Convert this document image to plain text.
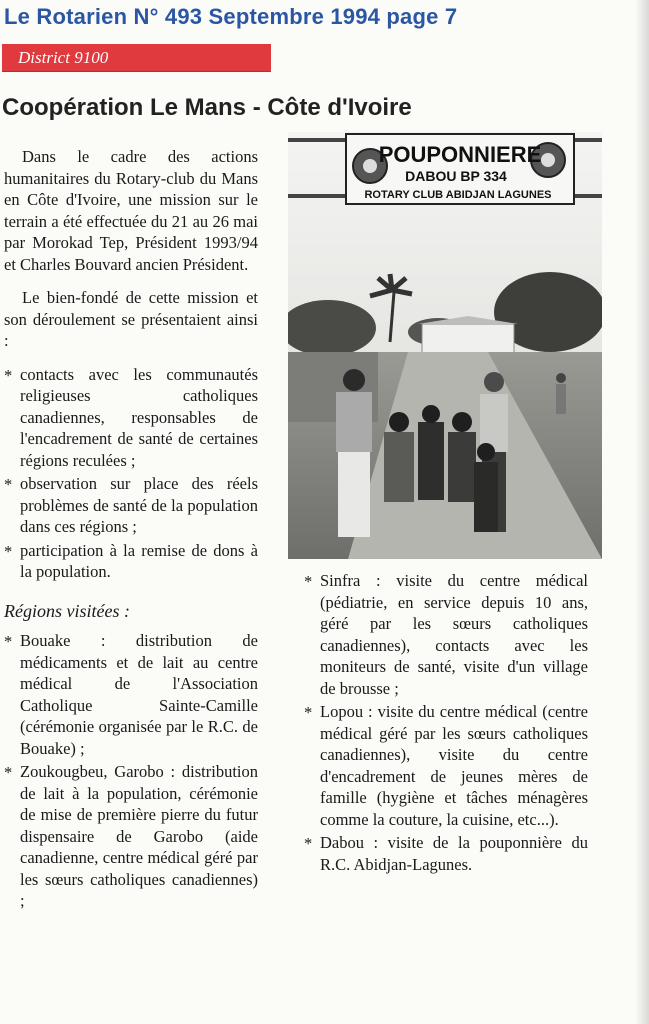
Le Rotarien N° 493 Septembre 1994 page 7
District 9100
Coopération Le Mans - Côte d'Ivoire

Dans le cadre des actions humanitaires du Rotary-club du Mans en Côte d'Ivoire, une mission sur le terrain a été effectuée du 21 au 26 mai par Morokad Tep, Président 1993/94 et Charles Bouvard ancien Président.

Le bien-fondé de cette mission et son déroulement se présentaient ainsi :

* contacts avec les communautés religieuses catholiques canadiennes, responsables de l'encadrement de santé de certaines régions reculées ;
* observation sur place des réels problèmes de santé de la population dans ces régions ;
* participation à la remise de dons à la population.
Régions visitées :
* Bouake : distribution de médicaments et de lait au centre médical de l'Association Catholique Sainte-Camille (cérémonie organisée par le R.C. de Bouake) ;
* Zoukougbeu, Garobo : distribution de lait à la population, cérémonie de mise de première pierre du futur dispensaire de Garobo (aide canadienne, centre médical géré par les sœurs catholiques canadiennes) ;
POUPONNIERE
DABOU BP 334
ROTARY CLUB ABIDJAN LAGUNES
* Sinfra : visite du centre médical (pédiatrie, en service depuis 10 ans, géré par les sœurs catholiques canadiennes), contacts avec les moniteurs de santé, visite d'un village de brousse ;
* Lopou : visite du centre médical (centre médical géré par les sœurs catholiques canadiennes), visite du centre d'encadrement de jeunes mères de famille (hygiène et tâches ménagères comme la couture, la cuisine, etc...).
* Dabou : visite de la pouponnière du R.C. Abidjan-Lagunes.
